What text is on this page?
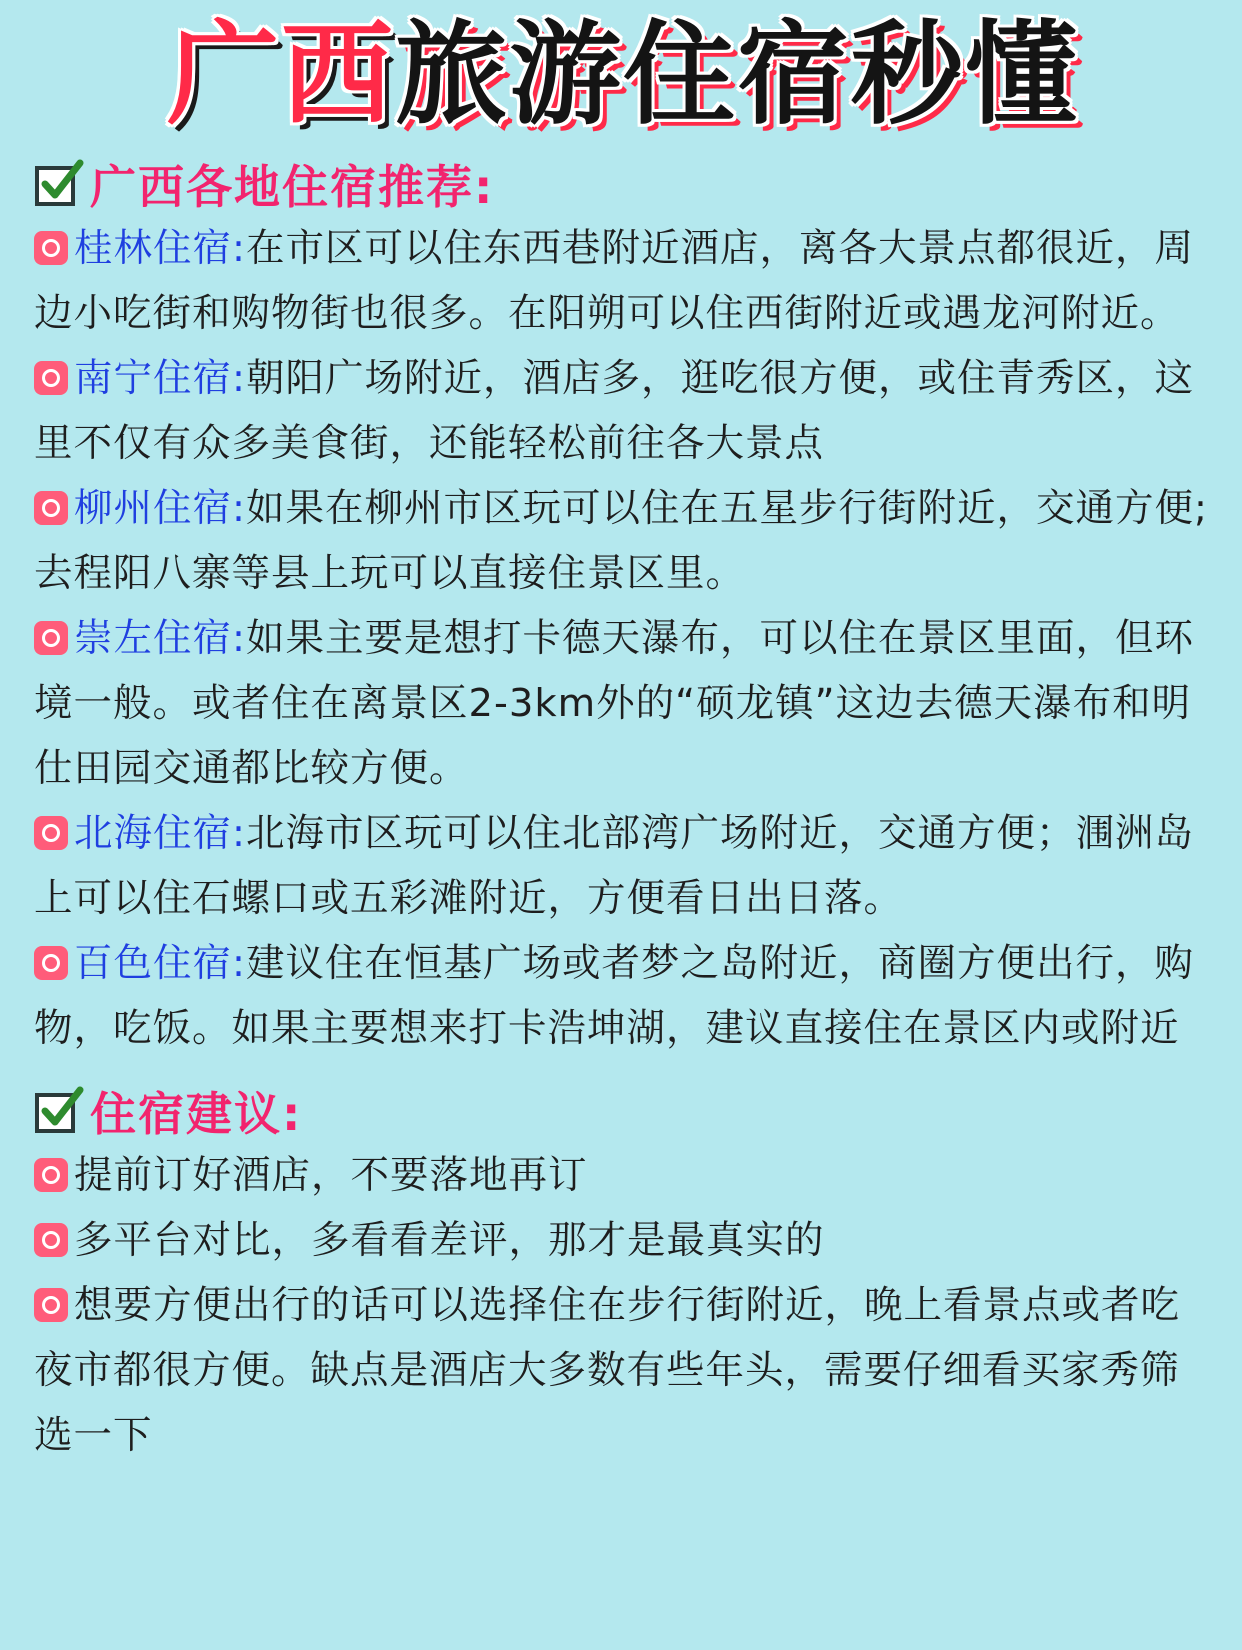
广西旅游住宿秒懂
广西各地住宿推荐:
桂林住宿:在市区可以住东西巷附近酒店，离各大景点都很近，周边小吃街和购物街也很多。在阳朔可以住西街附近或遇龙河附近。
南宁住宿:朝阳广场附近，酒店多，逛吃很方便，或住青秀区，这里不仅有众多美食街，还能轻松前往各大景点
柳州住宿:如果在柳州市区玩可以住在五星步行街附近，交通方便;去程阳八寨等县上玩可以直接住景区里。
崇左住宿:如果主要是想打卡德天瀑布，可以住在景区里面，但环境一般。或者住在离景区2-3km外的“硕龙镇”这边去德天瀑布和明仕田园交通都比较方便。
北海住宿:北海市区玩可以住北部湾广场附近，交通方便；涠洲岛上可以住石螺口或五彩滩附近，方便看日出日落。
百色住宿:建议住在恒基广场或者梦之岛附近，商圈方便出行，购物，吃饭。如果主要想来打卡浩坤湖，建议直接住在景区内或附近
住宿建议:
提前订好酒店，不要落地再订
多平台对比，多看看差评，那才是最真实的
想要方便出行的话可以选择住在步行街附近，晚上看景点或者吃夜市都很方便。缺点是酒店大多数有些年头，需要仔细看买家秀筛选一下
